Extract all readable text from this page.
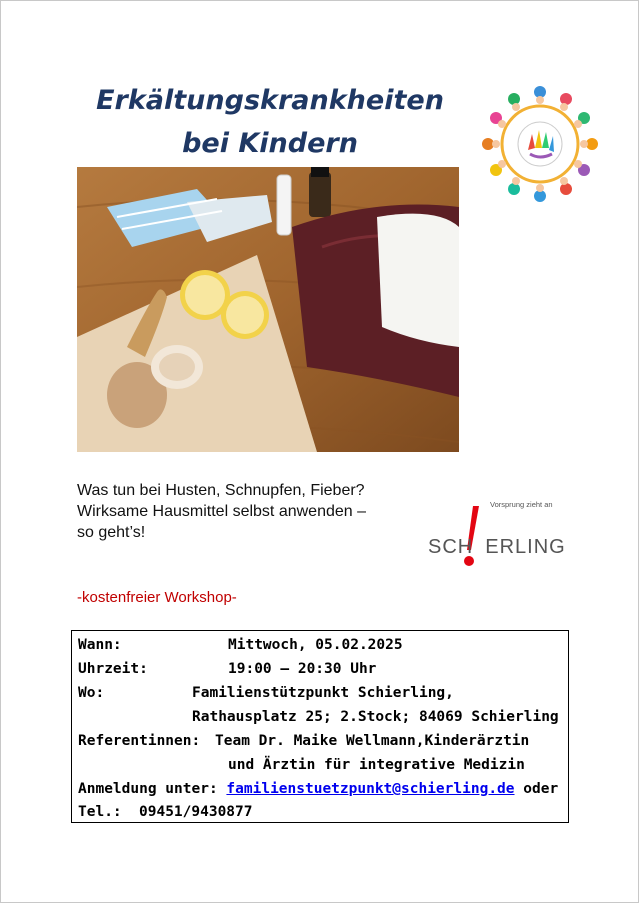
Erkältungskrankheiten
bei Kindern
Was tun bei Husten, Schnupfen, Fieber?
Wirksame Hausmittel selbst anwenden –
so geht’s!
Vorsprung zieht an
SCH ERLING
-kostenfreier Workshop-
Wann:	Mittwoch, 05.02.2025
Uhrzeit:	19:00 – 20:30 Uhr
Wo:	Familienstützpunkt Schierling,
Rathausplatz 25; 2.Stock; 84069 Schierling
Referentinnen: Team Dr. Maike Wellmann,Kinderärztin
und Ärztin für integrative Medizin
Anmeldung unter: familienstuetzpunkt@schierling.de oder
Tel.: 09451/9430877
